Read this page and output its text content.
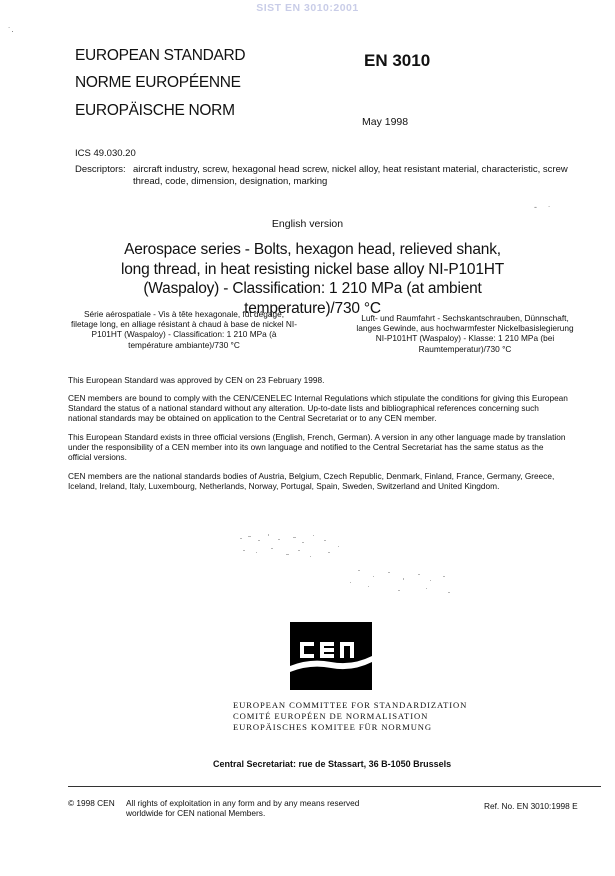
SIST EN 3010:2001
˙·
- ˙
EUROPEAN STANDARD
NORME EUROPÉENNE
EUROPÄISCHE NORM
EN 3010
May 1998
ICS 49.030.20
Descriptors: aircraft industry, screw, hexagonal head screw, nickel alloy, heat resistant material, characteristic, screw thread, code, dimension, designation, marking
English version
Aerospace series - Bolts, hexagon head, relieved shank, long thread, in heat resisting nickel base alloy NI-P101HT (Waspaloy) - Classification: 1 210 MPa (at ambient temperature)/730 °C
Série aérospatiale - Vis à tête hexagonale, fût dégagé, filetage long, en alliage résistant à chaud à base de nickel NI-P101HT (Waspaloy) - Classification: 1 210 MPa (à température ambiante)/730 °C
Luft- und Raumfahrt - Sechskantschrauben, Dünnschaft, langes Gewinde, aus hochwarmfester Nickelbasislegierung NI-P101HT (Waspaloy) - Klasse: 1 210 MPa (bei Raumtemperatur)/730 °C
This European Standard was approved by CEN on 23 February 1998.
CEN members are bound to comply with the CEN/CENELEC Internal Regulations which stipulate the conditions for giving this European Standard the status of a national standard without any alteration. Up-to-date lists and bibliographical references concerning such national standards may be obtained on application to the Central Secretariat or to any CEN member.
This European Standard exists in three official versions (English, French, German). A version in any other language made by translation under the responsibility of a CEN member into its own language and notified to the Central Secretariat has the same status as the official versions.
CEN members are the national standards bodies of Austria, Belgium, Czech Republic, Denmark, Finland, France, Germany, Greece, Iceland, Ireland, Italy, Luxembourg, Netherlands, Norway, Portugal, Spain, Sweden, Switzerland and United Kingdom.
EUROPEAN COMMITTEE FOR STANDARDIZATION
COMITÉ EUROPÉEN DE NORMALISATION
EUROPÄISCHES KOMITEE FÜR NORMUNG
Central Secretariat: rue de Stassart, 36 B-1050 Brussels
© 1998 CEN All rights of exploitation in any form and by any means reserved worldwide for CEN national Members.
Ref. No. EN 3010:1998 E
